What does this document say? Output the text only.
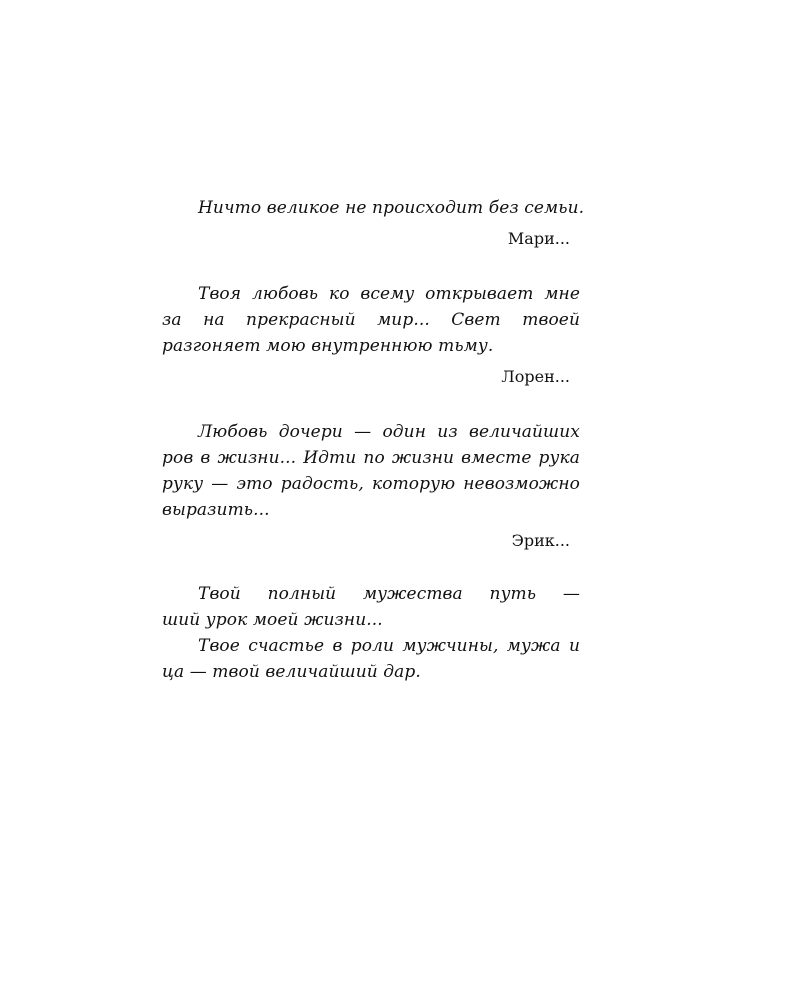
Ничто великое не происходит без семьи.
Мари...
Твоя любовь ко всему открывает мне
за на прекрасный мир... Свет твоей
разгоняет мою внутреннюю тьму.
Лорен...
Любовь дочери — один из величайших
ров в жизни... Идти по жизни вместе рука
руку — это радость, которую невозможно
выразить...
Эрик...
Твой полный мужества путь —
ший урок моей жизни...
Твое счастье в роли мужчины, мужа и
ца — твой величайший дар.
